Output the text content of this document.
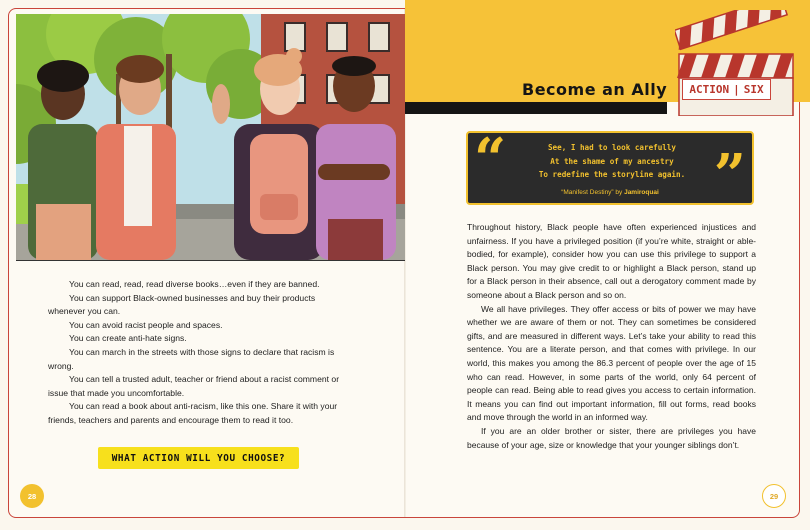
You can read, read, read diverse books…even if they are banned.

You can support Black-owned businesses and buy their products whenever you can.

You can avoid racist people and spaces.

You can create anti-hate signs.

You can march in the streets with those signs to declare that racism is wrong.

You can tell a trusted adult, teacher or friend about a racist comment or issue that made you uncomfortable.

You can read a book about anti-racism, like this one. Share it with your friends, teachers and parents and encourage them to read it too.

WHAT ACTION WILL YOU CHOOSE?
28
Become an Ally ACTION | SIX
“	See, I had to look carefully
At the shame of my ancestry
To redefine the storyline again. ”
“Manifest Destiny” by Jamiroquai

Throughout history, Black people have often experienced injustices and unfairness. If you have a privileged position (if you’re white, straight or able-bodied, for example), consider how you can use this privilege to support a Black person. You may give credit to or highlight a Black person, stand up for a Black person in their absence, call out a derogatory comment made by someone about a Black person and so on.

We all have privileges. They offer access or bits of power we may have whether we are aware of them or not. They can sometimes be considered gifts, and are measured in different ways. Let’s take your ability to read this sentence. You are a literate person, and that comes with privilege. In our world, this makes you among the 86.3 percent of people over the age of 15 who can read. However, in some parts of the world, only 64 percent of people can read. Being able to read gives you access to certain information. It means you can find out important information, fill out forms, read books and move through the world in an informed way.

If you are an older brother or sister, there are privileges you have because of your age, size or knowledge that your younger siblings don’t.

29
